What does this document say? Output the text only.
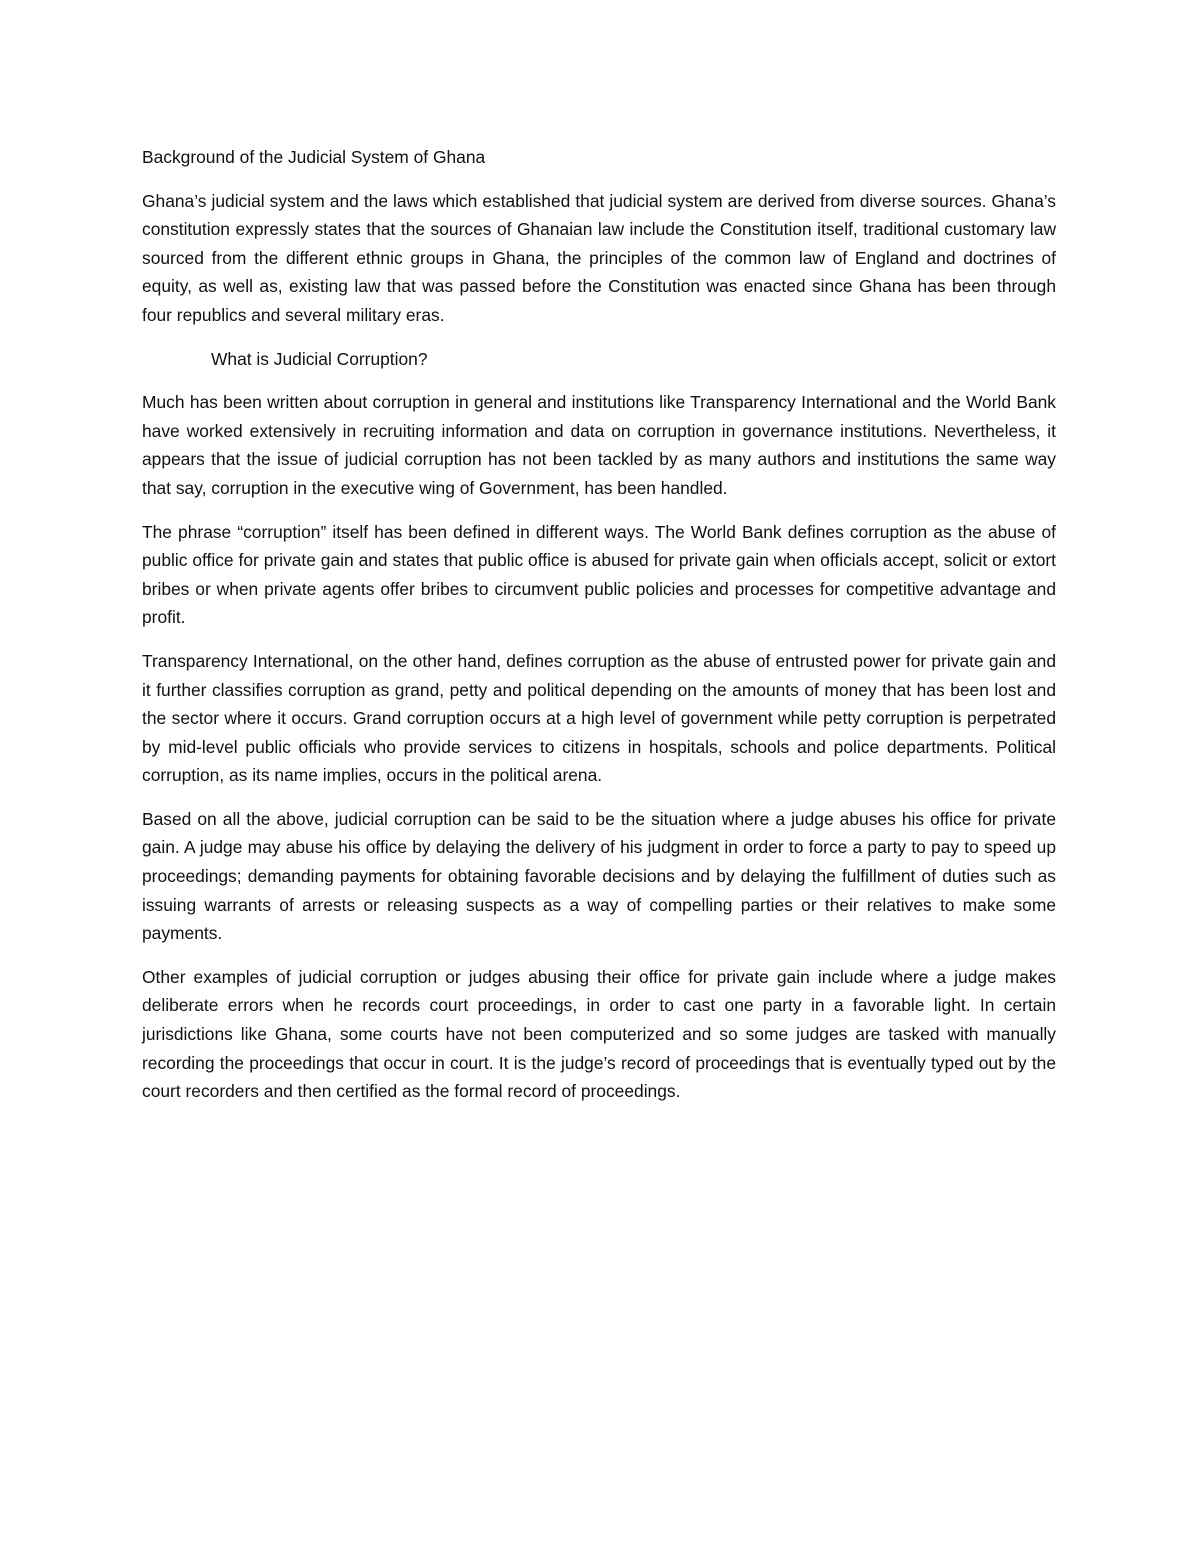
Background of the Judicial System of Ghana

Ghana’s judicial system and the laws which established that judicial system are derived from diverse sources. Ghana’s constitution expressly states that the sources of Ghanaian law include the Constitution itself, traditional customary law sourced from the different ethnic groups in Ghana, the principles of the common law of England and doctrines of equity, as well as, existing law that was passed before the Constitution was enacted since Ghana has been through four republics and several military eras.

What is Judicial Corruption?

Much has been written about corruption in general and institutions like Transparency International and the World Bank have worked extensively in recruiting information and data on corruption in governance institutions. Nevertheless, it appears that the issue of judicial corruption has not been tackled by as many authors and institutions the same way that say, corruption in the executive wing of Government, has been handled.

The phrase “corruption” itself has been defined in different ways. The World Bank defines corruption as the abuse of public office for private gain and states that public office is abused for private gain when officials accept, solicit or extort bribes or when private agents offer bribes to circumvent public policies and processes for competitive advantage and profit.

Transparency International, on the other hand, defines corruption as the abuse of entrusted power for private gain and it further classifies corruption as grand, petty and political depending on the amounts of money that has been lost and the sector where it occurs. Grand corruption occurs at a high level of government while petty corruption is perpetrated by mid-level public officials who provide services to citizens in hospitals, schools and police departments. Political corruption, as its name implies, occurs in the political arena.

Based on all the above, judicial corruption can be said to be the situation where a judge abuses his office for private gain. A judge may abuse his office by delaying the delivery of his judgment in order to force a party to pay to speed up proceedings; demanding payments for obtaining favorable decisions and by delaying the fulfillment of duties such as issuing warrants of arrests or releasing suspects as a way of compelling parties or their relatives to make some payments.

Other examples of judicial corruption or judges abusing their office for private gain include where a judge makes deliberate errors when he records court proceedings, in order to cast one party in a favorable light. In certain jurisdictions like Ghana, some courts have not been computerized and so some judges are tasked with manually recording the proceedings that occur in court. It is the judge’s record of proceedings that is eventually typed out by the court recorders and then certified as the formal record of proceedings.
